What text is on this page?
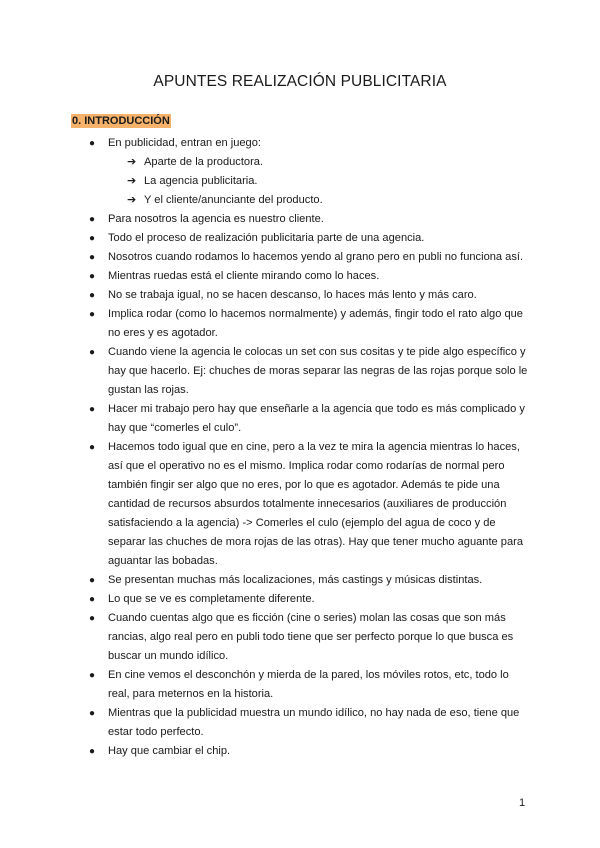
APUNTES REALIZACIÓN PUBLICITARIA
0. INTRODUCCIÓN
● En publicidad, entran en juego:
➔ Aparte de la productora.
➔ La agencia publicitaria.
➔ Y el cliente/anunciante del producto.
● Para nosotros la agencia es nuestro cliente.
● Todo el proceso de realización publicitaria parte de una agencia.
● Nosotros cuando rodamos lo hacemos yendo al grano pero en publi no funciona así.
● Mientras ruedas está el cliente mirando como lo haces.
● No se trabaja igual, no se hacen descanso, lo haces más lento y más caro.
● Implica rodar (como lo hacemos normalmente) y además, fingir todo el rato algo que no eres y es agotador.
● Cuando viene la agencia le colocas un set con sus cositas y te pide algo específico y hay que hacerlo. Ej: chuches de moras separar las negras de las rojas porque solo le gustan las rojas.
● Hacer mi trabajo pero hay que enseñarle a la agencia que todo es más complicado y hay que “comerles el culo”.
● Hacemos todo igual que en cine, pero a la vez te mira la agencia mientras lo haces, así que el operativo no es el mismo. Implica rodar como rodarías de normal pero también fingir ser algo que no eres, por lo que es agotador. Además te pide una cantidad de recursos absurdos totalmente innecesarios (auxiliares de producción satisfaciendo a la agencia) -> Comerles el culo (ejemplo del agua de coco y de separar las chuches de mora rojas de las otras). Hay que tener mucho aguante para aguantar las bobadas.
● Se presentan muchas más localizaciones, más castings y músicas distintas.
● Lo que se ve es completamente diferente.
● Cuando cuentas algo que es ficción (cine o series) molan las cosas que son más rancias, algo real pero en publi todo tiene que ser perfecto porque lo que busca es buscar un mundo idílico.
● En cine vemos el desconchón y mierda de la pared, los móviles rotos, etc, todo lo real, para meternos en la historia.
● Mientras que la publicidad muestra un mundo idílico, no hay nada de eso, tiene que estar todo perfecto.
● Hay que cambiar el chip.
1
